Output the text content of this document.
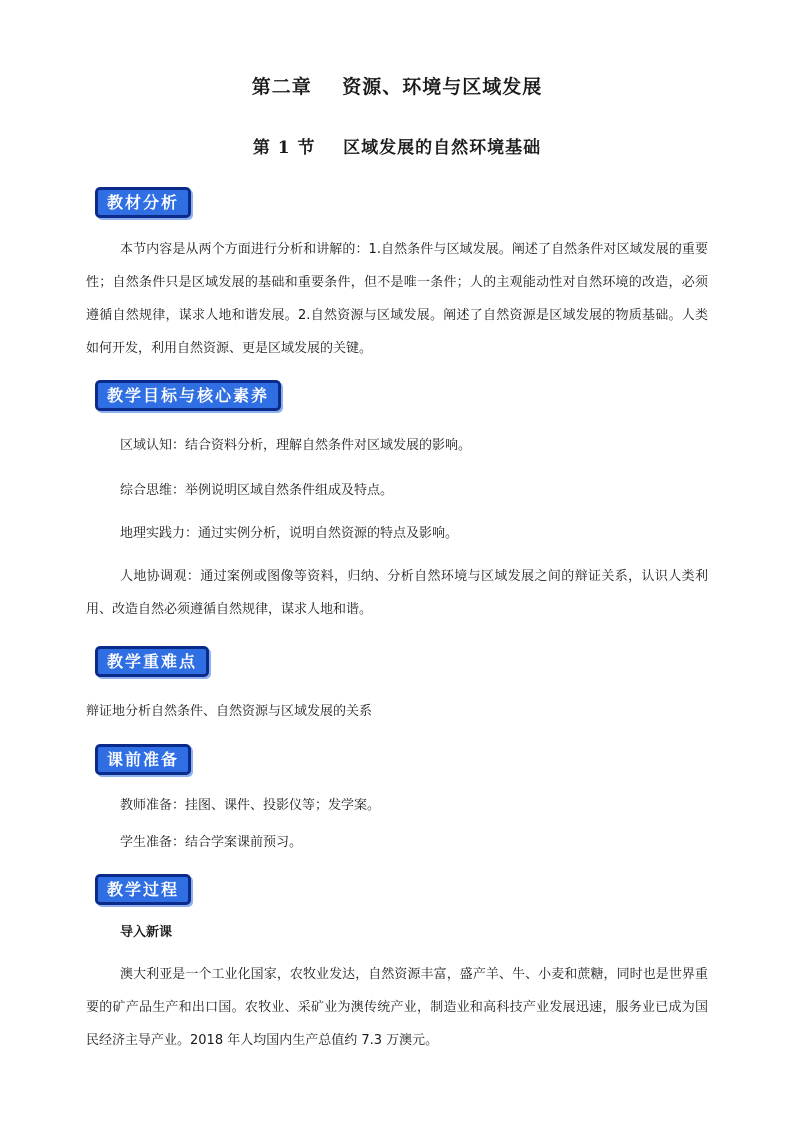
第二章    资源、环境与区域发展
第 1 节    区域发展的自然环境基础
教材分析
本节内容是从两个方面进行分析和讲解的：1.自然条件与区域发展。阐述了自然条件对区域发展的重要性；自然条件只是区域发展的基础和重要条件，但不是唯一条件；人的主观能动性对自然环境的改造，必须遵循自然规律，谋求人地和谐发展。2.自然资源与区域发展。阐述了自然资源是区域发展的物质基础。人类如何开发，利用自然资源、更是区域发展的关键。
教学目标与核心素养
区域认知：结合资料分析，理解自然条件对区域发展的影响。
综合思维：举例说明区域自然条件组成及特点。
地理实践力：通过实例分析，说明自然资源的特点及影响。
人地协调观：通过案例或图像等资料，归纳、分析自然环境与区域发展之间的辩证关系，认识人类利用、改造自然必须遵循自然规律，谋求人地和谐。
教学重难点
辩证地分析自然条件、自然资源与区域发展的关系
课前准备
教师准备：挂图、课件、投影仪等；发学案。
学生准备：结合学案课前预习。
教学过程
导入新课
澳大利亚是一个工业化国家，农牧业发达，自然资源丰富，盛产羊、牛、小麦和蔗糖，同时也是世界重要的矿产品生产和出口国。农牧业、采矿业为澳传统产业，制造业和高科技产业发展迅速，服务业已成为国民经济主导产业。2018 年人均国内生产总值约 7.3 万澳元。
